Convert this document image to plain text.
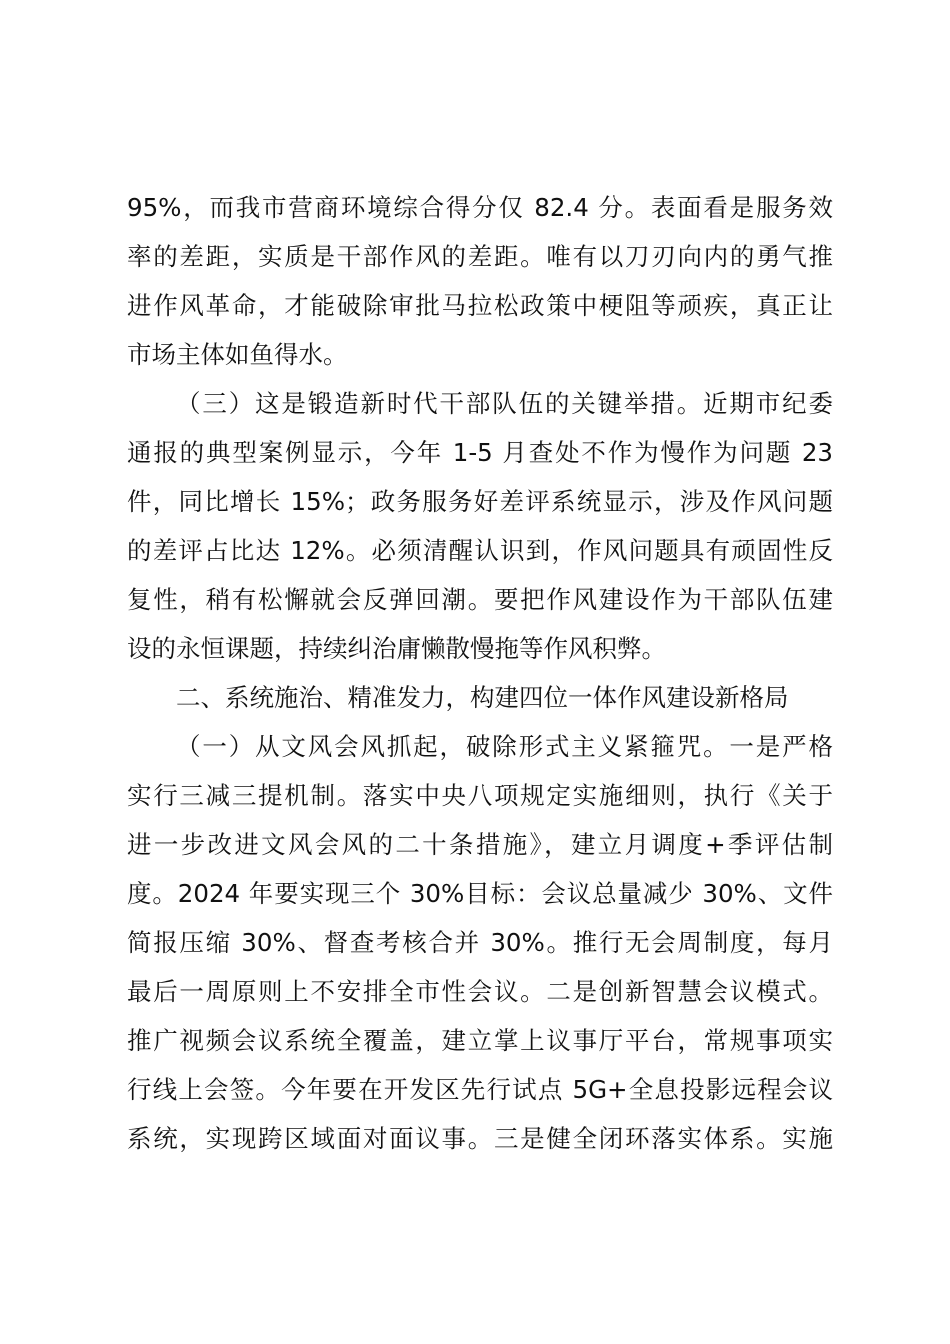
95%，而我市营商环境综合得分仅 82.4 分。表面看是服务效
率的差距，实质是干部作风的差距。唯有以刀刃向内的勇气推
进作风革命，才能破除审批马拉松政策中梗阻等顽疾，真正让
市场主体如鱼得水。
（三）这是锻造新时代干部队伍的关键举措。近期市纪委
通报的典型案例显示，今年 1-5 月查处不作为慢作为问题 23
件，同比增长 15%；政务服务好差评系统显示，涉及作风问题
的差评占比达 12%。必须清醒认识到，作风问题具有顽固性反
复性，稍有松懈就会反弹回潮。要把作风建设作为干部队伍建
设的永恒课题，持续纠治庸懒散慢拖等作风积弊。
二、系统施治、精准发力，构建四位一体作风建设新格局
（一）从文风会风抓起，破除形式主义紧箍咒。一是严格
实行三减三提机制。落实中央八项规定实施细则，执行《关于
进一步改进文风会风的二十条措施》，建立月调度+季评估制
度。2024 年要实现三个 30%目标：会议总量减少 30%、文件
简报压缩 30%、督查考核合并 30%。推行无会周制度，每月
最后一周原则上不安排全市性会议。二是创新智慧会议模式。
推广视频会议系统全覆盖，建立掌上议事厅平台，常规事项实
行线上会签。今年要在开发区先行试点 5G+全息投影远程会议
系统，实现跨区域面对面议事。三是健全闭环落实体系。实施
